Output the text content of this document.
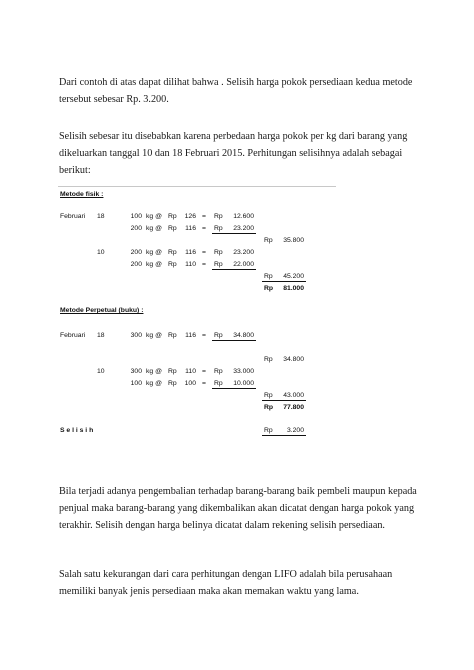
Dari contoh di atas dapat dilihat bahwa . Selisih harga pokok persediaan kedua metode tersebut sebesar Rp. 3.200.

Selisih sebesar itu disebabkan karena perbedaan harga pokok per kg dari barang yang dikeluarkan tanggal 10 dan 18 Februari 2015. Perhitungan selisihnya adalah sebagai berikut:

Metode fisik :
Februari 18	100 kg @ Rp	126 = Rp	12.600
200 kg @ Rp	116 = Rp	23.200
Rp	35.800
10	200 kg @ Rp	116 = Rp	23.200
200 kg @ Rp	110 = Rp	22.000
Rp	45.200
Rp	81.000
Metode Perpetual (buku) :
Februari 18	300 kg @ Rp	116 = Rp	34.800
Rp	34.800
10	300 kg @ Rp	110 = Rp	33.000
100 kg @ Rp	100 = Rp	10.000
Rp	43.000
Rp	77.800
S e l i s i h	Rp	3.200

Bila terjadi adanya pengembalian terhadap barang-barang baik pembeli maupun kepada penjual maka barang-barang yang dikembalikan akan dicatat dengan harga pokok yang terakhir. Selisih dengan harga belinya dicatat dalam rekening selisih persediaan.

Salah satu kekurangan dari cara perhitungan dengan LIFO adalah bila perusahaan memiliki banyak jenis persediaan maka akan memakan waktu yang lama.
